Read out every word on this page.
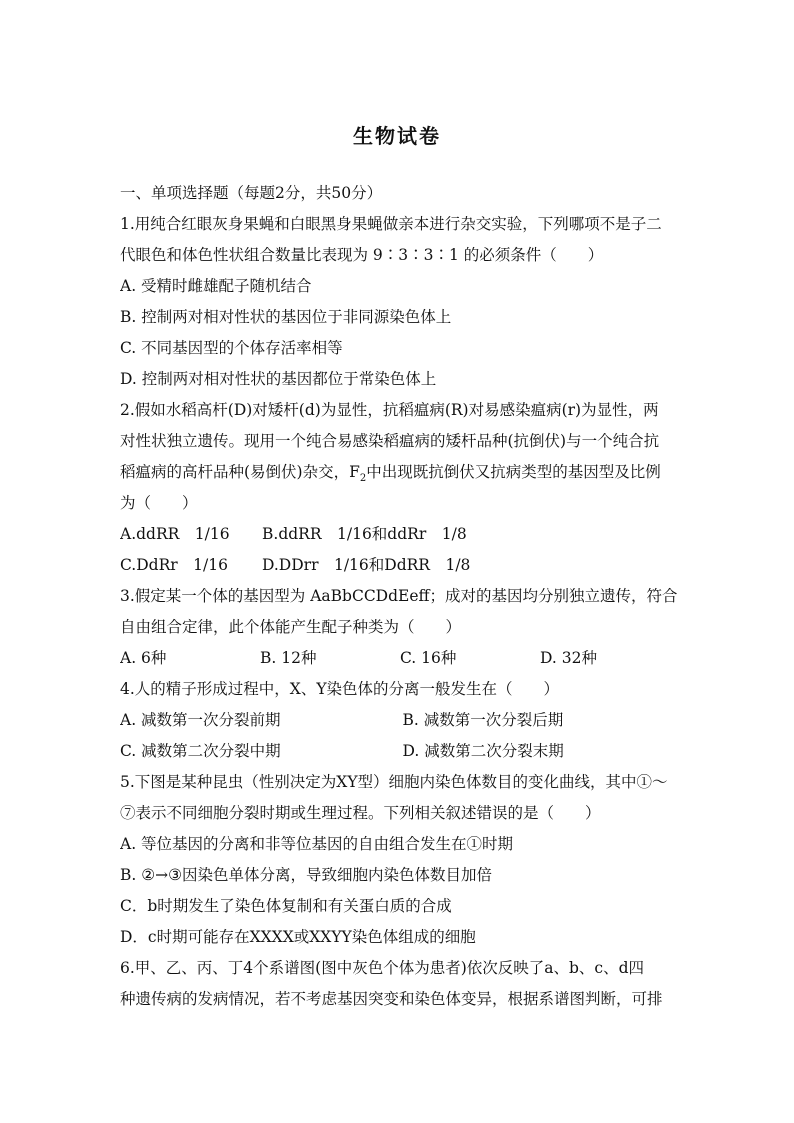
生物试卷
一、单项选择题（每题2分，共50分）
1.用纯合红眼灰身果蝇和白眼黑身果蝇做亲本进行杂交实验，下列哪项不是子二
代眼色和体色性状组合数量比表现为 9∶3∶3∶1 的必须条件（　　）
A. 受精时雌雄配子随机结合
B. 控制两对相对性状的基因位于非同源染色体上
C. 不同基因型的个体存活率相等
D. 控制两对相对性状的基因都位于常染色体上
2.假如水稻高杆(D)对矮杆(d)为显性，抗稻瘟病(R)对易感染瘟病(r)为显性，两
对性状独立遗传。现用一个纯合易感染稻瘟病的矮杆品种(抗倒伏)与一个纯合抗
稻瘟病的高杆品种(易倒伏)杂交，$F_2$中出现既抗倒伏又抗病类型的基因型及比例
为（　　）
A.ddRR　1/16	B.ddRR　1/16和ddRr　1/8
C.DdRr　1/16	D.DDrr　1/16和DdRR　1/8
3.假定某一个体的基因型为 AaBbCCDdEeff；成对的基因均分别独立遗传，符合
自由组合定律，此个体能产生配子种类为（　　）
A. 6种	B. 12种	C. 16种	D. 32种
4.人的精子形成过程中，X、Y染色体的分离一般发生在（　　）
A. 减数第一次分裂前期	B. 减数第一次分裂后期
C. 减数第二次分裂中期	D. 减数第二次分裂末期
5.下图是某种昆虫（性别决定为XY型）细胞内染色体数目的变化曲线，其中①～
⑦表示不同细胞分裂时期或生理过程。下列相关叙述错误的是（　　）
A. 等位基因的分离和非等位基因的自由组合发生在①时期
B. ②→③因染色单体分离，导致细胞内染色体数目加倍
C．b时期发生了染色体复制和有关蛋白质的合成
D．c时期可能存在XXXX或XXYY染色体组成的细胞
6.甲、乙、丙、丁4个系谱图(图中灰色个体为患者)依次反映了a、b、c、d四
种遗传病的发病情况，若不考虑基因突变和染色体变异，根据系谱图判断，可排
